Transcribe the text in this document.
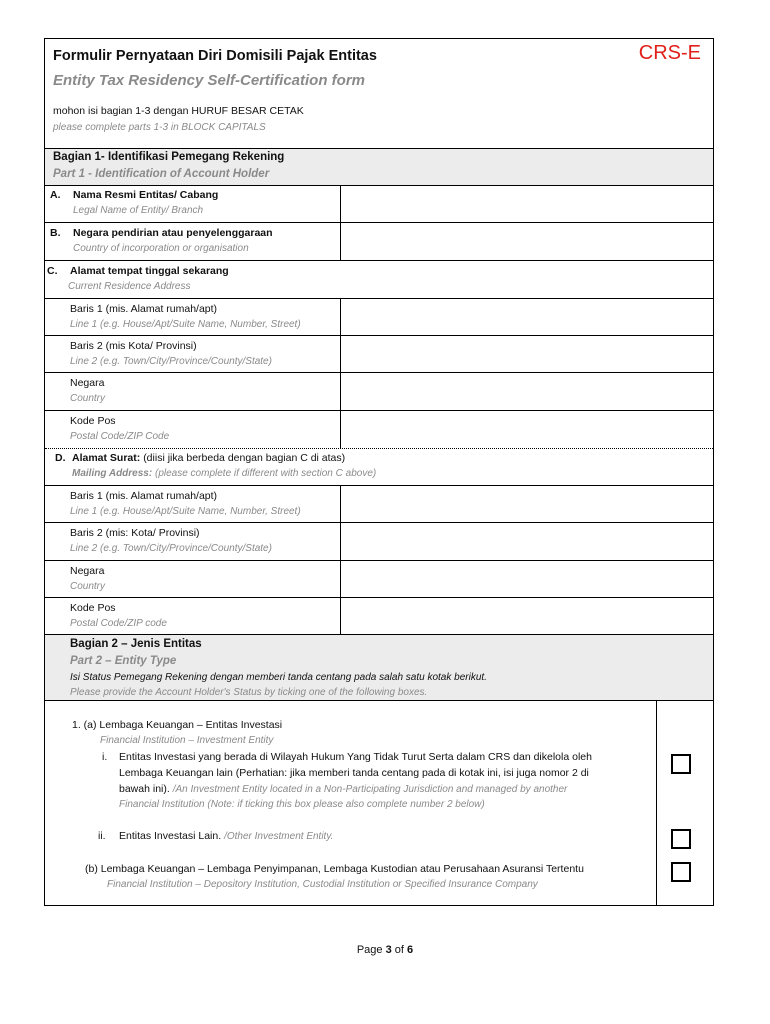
Formulir Pernyataan Diri Domisili Pajak Entitas
Entity Tax Residency Self-Certification form
CRS-E
mohon isi bagian 1-3 dengan HURUF BESAR CETAK
please complete parts 1-3 in BLOCK CAPITALS
Bagian 1- Identifikasi Pemegang Rekening
Part 1 - Identification of Account Holder
A. Nama Resmi Entitas/ Cabang
Legal Name of Entity/ Branch
B. Negara pendirian atau penyelenggaraan
Country of incorporation or organisation
C. Alamat tempat tinggal sekarang
Current Residence Address
Baris 1 (mis. Alamat rumah/apt)
Line 1 (e.g. House/Apt/Suite Name, Number, Street)
Baris 2 (mis Kota/ Provinsi)
Line 2 (e.g. Town/City/Province/County/State)
Negara
Country
Kode Pos
Postal Code/ZIP Code
D. Alamat Surat: (diisi jika berbeda dengan bagian C di atas)
Mailing Address: (please complete if different with section C above)
Baris 1 (mis. Alamat rumah/apt)
Line 1 (e.g. House/Apt/Suite Name, Number, Street)
Baris 2 (mis: Kota/ Provinsi)
Line 2 (e.g. Town/City/Province/County/State)
Negara
Country
Kode Pos
Postal Code/ZIP code
Bagian 2 – Jenis Entitas
Part 2 – Entity Type
Isi Status Pemegang Rekening dengan memberi tanda centang pada salah satu kotak berikut.
Please provide the Account Holder's Status by ticking one of the following boxes.
1. (a) Lembaga Keuangan – Entitas Investasi
Financial Institution – Investment Entity
i. Entitas Investasi yang berada di Wilayah Hukum Yang Tidak Turut Serta dalam CRS dan dikelola oleh
Lembaga Keuangan lain (Perhatian: jika memberi tanda centang pada di kotak ini, isi juga nomor 2 di
bawah ini). /An Investment Entity located in a Non-Participating Jurisdiction and managed by another
Financial Institution (Note: if ticking this box please also complete number 2 below)
ii. Entitas Investasi Lain. /Other Investment Entity.
(b) Lembaga Keuangan – Lembaga Penyimpanan, Lembaga Kustodian atau Perusahaan Asuransi Tertentu
Financial Institution – Depository Institution, Custodial Institution or Specified Insurance Company
Page 3 of 6
